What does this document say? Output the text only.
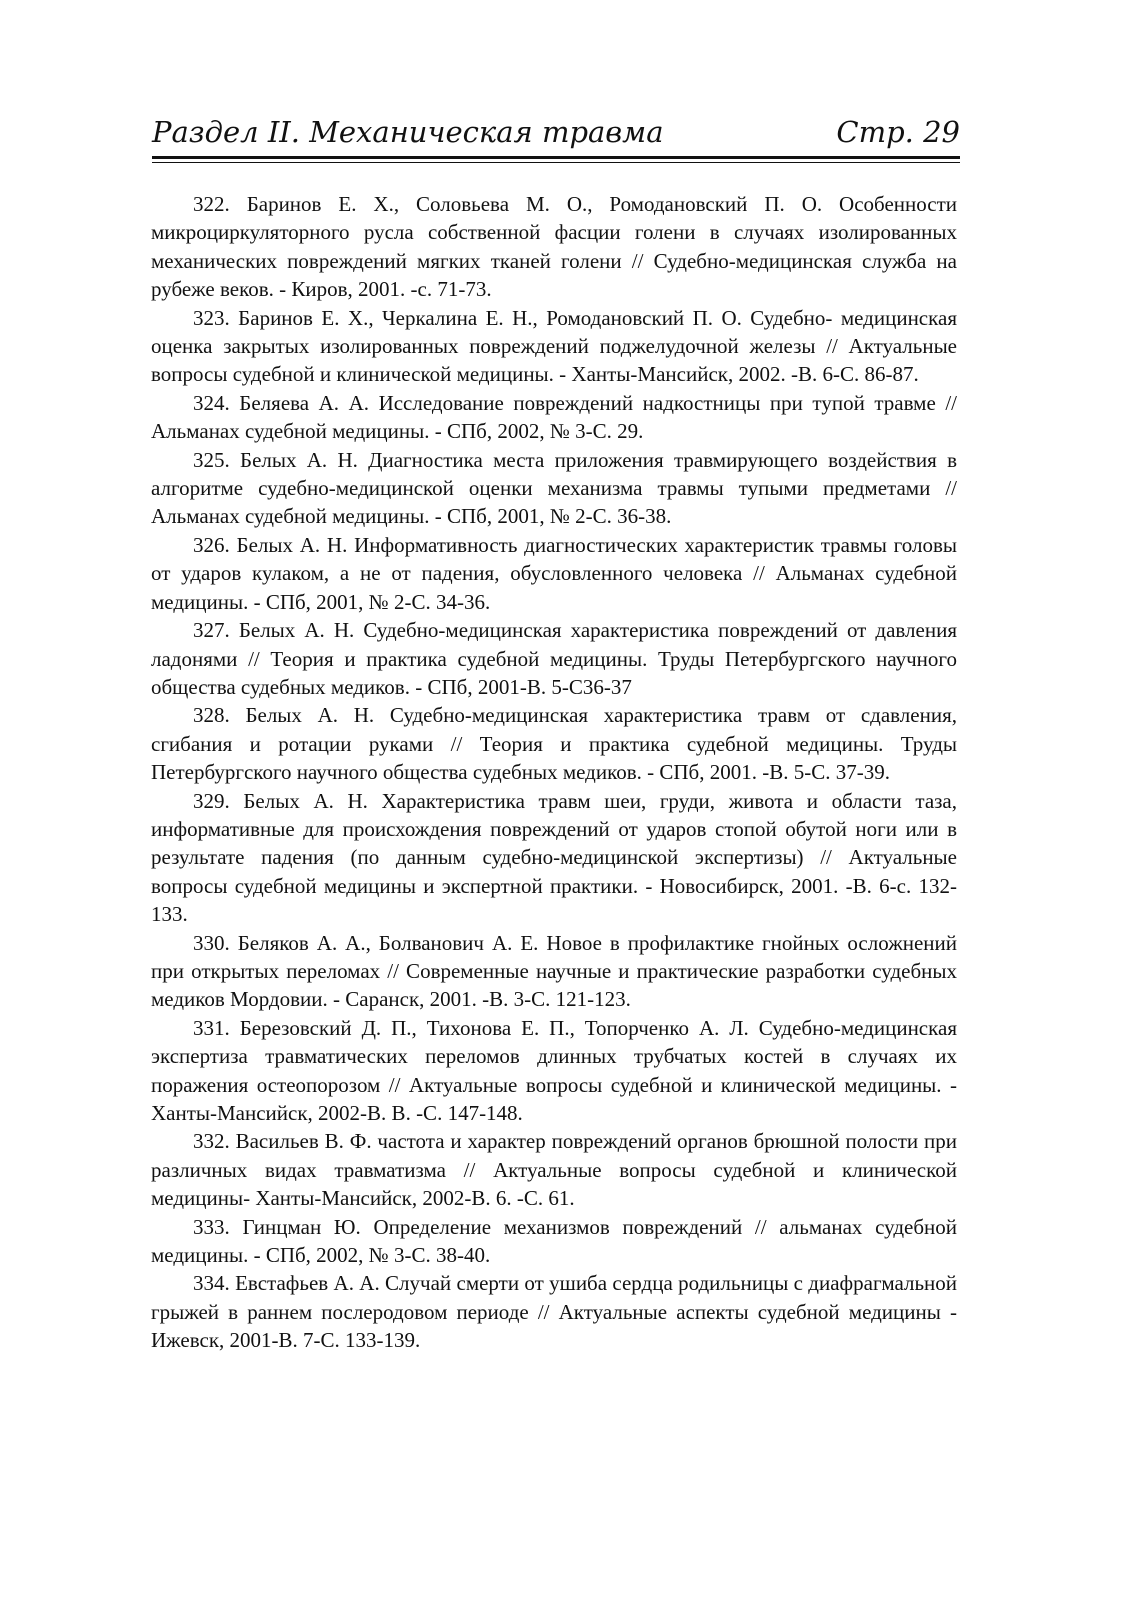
Раздел II. Механическая травма	Стр. 29

322. Баринов Е. Х., Соловьева М. О., Ромодановский П. О. Особенности микроциркуляторного русла собственной фасции голени в случаях изолированных механических повреждений мягких тканей голени // Судебно-медицинская служба на рубеже веков. - Киров, 2001. -с. 71-73.

323. Баринов Е. Х., Черкалина Е. Н., Ромодановский П. О. Судебно- медицинская оценка закрытых изолированных повреждений поджелудочной железы // Актуальные вопросы судебной и клинической медицины. - Ханты-Мансийск, 2002. -В. 6-С. 86-87.

324. Беляева А. А. Исследование повреждений надкостницы при тупой травме // Альманах судебной медицины. - СПб, 2002, № 3-С. 29.

325. Белых А. Н. Диагностика места приложения травмирующего воздействия в алгоритме судебно-медицинской оценки механизма травмы тупыми предметами // Альманах судебной медицины. - СПб, 2001, № 2-С. 36-38.

326. Белых А. Н. Информативность диагностических характеристик травмы головы от ударов кулаком, а не от падения, обусловленного человека // Альманах судебной медицины. - СПб, 2001, № 2-С. 34-36.

327. Белых А. Н. Судебно-медицинская характеристика повреждений от давления ладонями // Теория и практика судебной медицины. Труды Петербургского научного общества судебных медиков. - СПб, 2001-В. 5-С36-37

328. Белых А. Н. Судебно-медицинская характеристика травм от сдавления, сгибания и ротации руками // Теория и практика судебной медицины. Труды Петербургского научного общества судебных медиков. - СПб, 2001. -В. 5-С. 37-39.

329. Белых А. Н. Характеристика травм шеи, груди, живота и области таза, информативные для происхождения повреждений от ударов стопой обутой ноги или в результате падения (по данным судебно-медицинской экспертизы) // Актуальные вопросы судебной медицины и экспертной практики. - Новосибирск, 2001. -В. 6-с. 132-133.

330. Беляков А. А., Болванович А. Е. Новое в профилактике гнойных осложнений при открытых переломах // Современные научные и практические разработки судебных медиков Мордовии. - Саранск, 2001. -В. 3-С. 121-123.

331. Березовский Д. П., Тихонова Е. П., Топорченко А. Л. Судебно-медицинская экспертиза травматических переломов длинных трубчатых костей в случаях их поражения остеопорозом // Актуальные вопросы судебной и клинической медицины. - Ханты-Мансийск, 2002-В. В. -С. 147-148.

332. Васильев В. Ф. частота и характер повреждений органов брюшной полости при различных видах травматизма // Актуальные вопросы судебной и клинической медицины- Ханты-Мансийск, 2002-В. 6. -С. 61.

333. Гинцман Ю. Определение механизмов повреждений // альманах судебной медицины. - СПб, 2002, № 3-С. 38-40.

334. Евстафьев А. А. Случай смерти от ушиба сердца родильницы с диафрагмальной грыжей в раннем послеродовом периоде // Актуальные аспекты судебной медицины - Ижевск, 2001-В. 7-С. 133-139.
